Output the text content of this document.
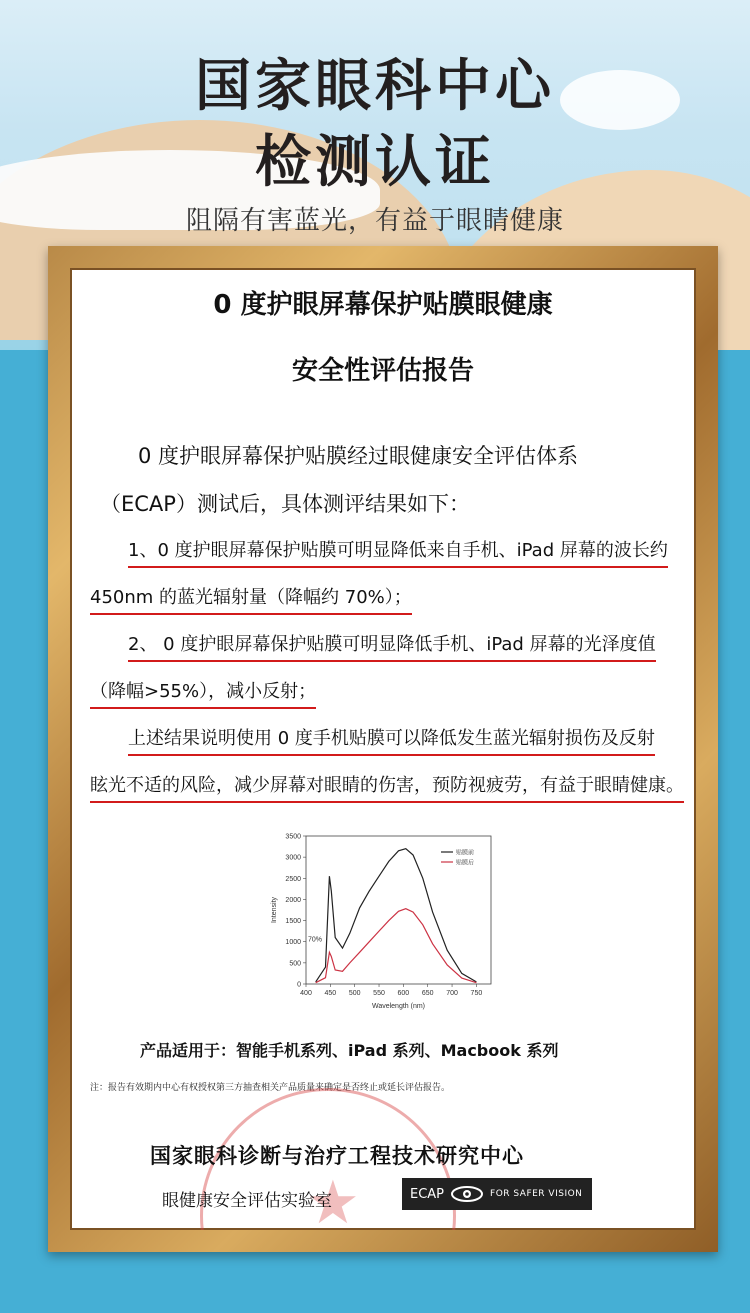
国家眼科中心
检测认证
阻隔有害蓝光，有益于眼睛健康
0 度护眼屏幕保护贴膜眼健康
安全性评估报告
0 度护眼屏幕保护贴膜经过眼健康安全评估体系
（ECAP）测试后，具体测评结果如下：
1、0 度护眼屏幕保护贴膜可明显降低来自手机、iPad 屏幕的波长约
450nm 的蓝光辐射量（降幅约 70%）；
2、 0 度护眼屏幕保护贴膜可明显降低手机、iPad 屏幕的光泽度值
（降幅>55%），减小反射；
上述结果说明使用 0 度手机贴膜可以降低发生蓝光辐射损伤及反射
眩光不适的风险，减少屏幕对眼睛的伤害，预防视疲劳，有益于眼睛健康。
400 450 500 550 600 650 700 750
0
500
1000
1500
2000
2500
3000
3500
贴膜前
贴膜后
70%
Wavelength (nm)
Intensity
产品适用于：智能手机系列、iPad 系列、Macbook 系列
注：报告有效期内中心有权授权第三方抽查相关产品质量来确定是否终止或延长评估报告。
★
国家眼科诊断与治疗工程技术研究中心
眼健康安全评估实验室	ECAP	FOR SAFER VISION
